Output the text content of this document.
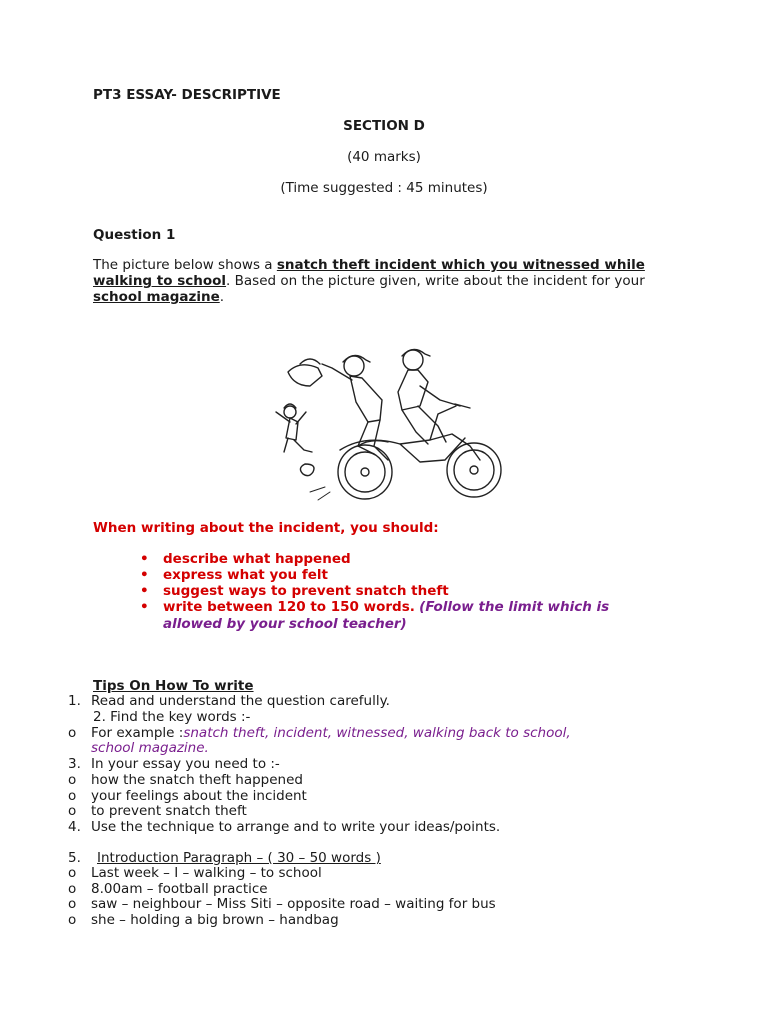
PT3 ESSAY- DESCRIPTIVE
SECTION D
(40 marks)
(Time suggested : 45 minutes)
Question 1
The picture below shows a snatch theft incident which you witnessed while walking to school. Based on the picture given, write about the incident for your school magazine.
When writing about the incident, you should:
• describe what happened
• express what you felt
• suggest ways to prevent snatch theft
• write between 120 to 150 words. (Follow the limit which is
allowed by your school teacher)
Tips On How To write
1. Read and understand the question carefully.
2. Find the key words :-
o For example :snatch theft, incident, witnessed, walking back to school,
school magazine.
3. In your essay you need to :-
o how the snatch theft happened
o your feelings about the incident
o to prevent snatch theft
4. Use the technique to arrange and to write your ideas/points.
5. Introduction Paragraph – ( 30 – 50 words )
o Last week – I – walking – to school
o 8.00am – football practice
o saw – neighbour – Miss Siti – opposite road – waiting for bus
o she – holding a big brown – handbag
